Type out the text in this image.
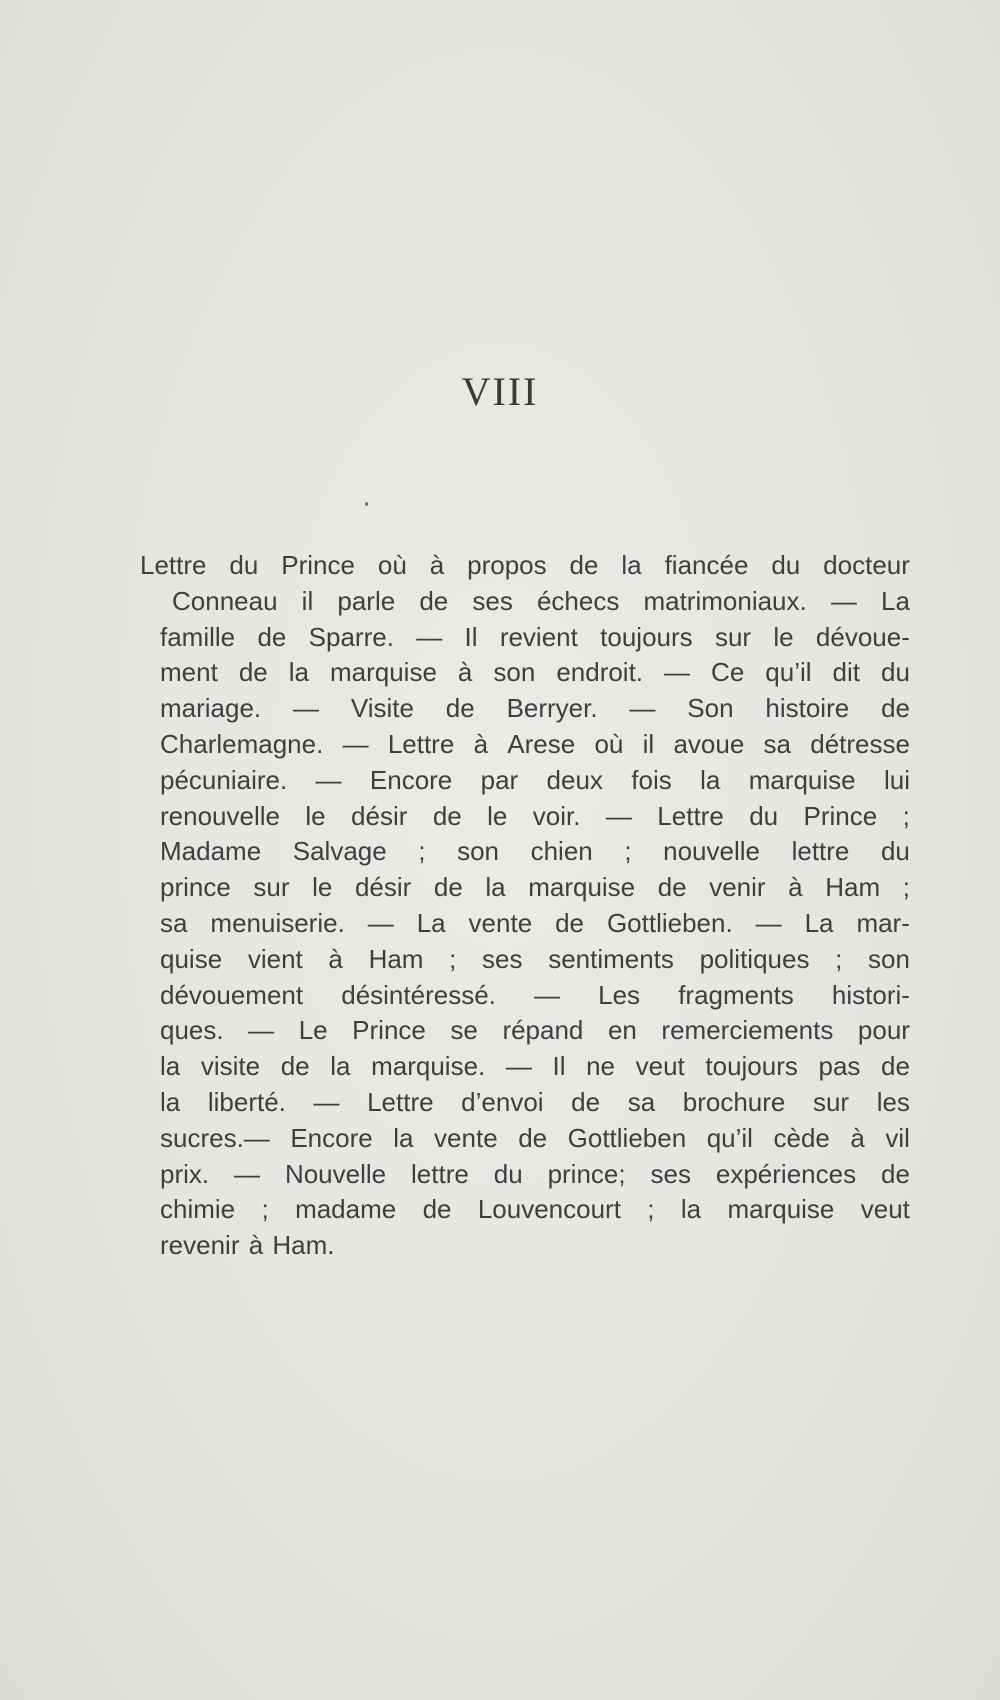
VIII
Lettre du Prince où à propos de la fiancée du docteur
Conneau il parle de ses échecs matrimoniaux. — La
famille de Sparre. — Il revient toujours sur le dévoue-
ment de la marquise à son endroit. — Ce qu’il dit du
mariage. — Visite de Berryer. — Son histoire de
Charlemagne. — Lettre à Arese où il avoue sa détresse
pécuniaire. — Encore par deux fois la marquise lui
renouvelle le désir de le voir. — Lettre du Prince ;
Madame Salvage ; son chien ; nouvelle lettre du
prince sur le désir de la marquise de venir à Ham ;
sa menuiserie. — La vente de Gottlieben. — La mar-
quise vient à Ham ; ses sentiments politiques ; son
dévouement désintéressé. — Les fragments histori-
ques. — Le Prince se répand en remerciements pour
la visite de la marquise. — Il ne veut toujours pas de
la liberté. — Lettre d’envoi de sa brochure sur les
sucres.— Encore la vente de Gottlieben qu’il cède à vil
prix. — Nouvelle lettre du prince; ses expériences de
chimie ; madame de Louvencourt ; la marquise veut
revenir à Ham.
